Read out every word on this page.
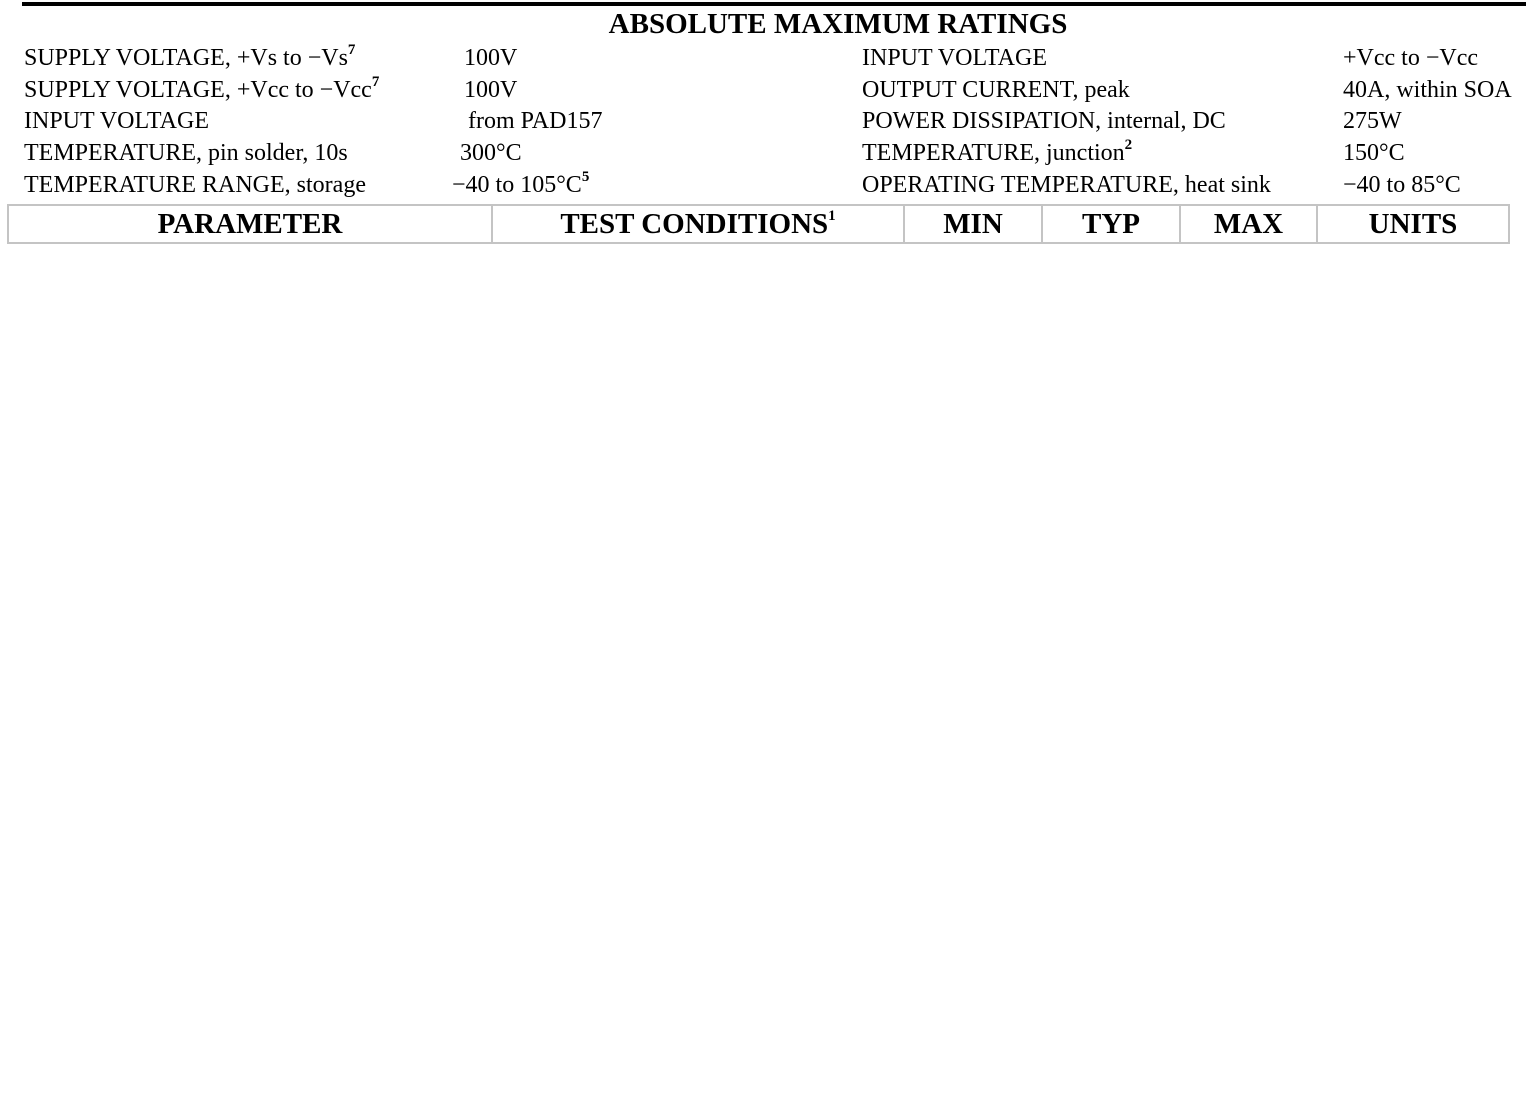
ABSOLUTE MAXIMUM RATINGS
SUPPLY VOLTAGE, +Vs to $-Vs^7$	100V
SUPPLY VOLTAGE, +Vcc to −Vcc$^7$	100V
INPUT VOLTAGE	from PAD157
TEMPERATURE, pin solder, 10s	300°C
TEMPERATURE RANGE, storage	−40 to $105^\circ C^5$
INPUT VOLTAGE	+Vcc to −Vcc
OUTPUT CURRENT, peak	40A, within SOA
POWER DISSIPATION, internal, DC	275W
TEMPERATURE, junction$^2$	150°C
OPERATING TEMPERATURE, heat sink	−40 to 85°C
PARAMETER	TEST CONDITIONS$^1$	MIN	TYP	MAX	UNITS
